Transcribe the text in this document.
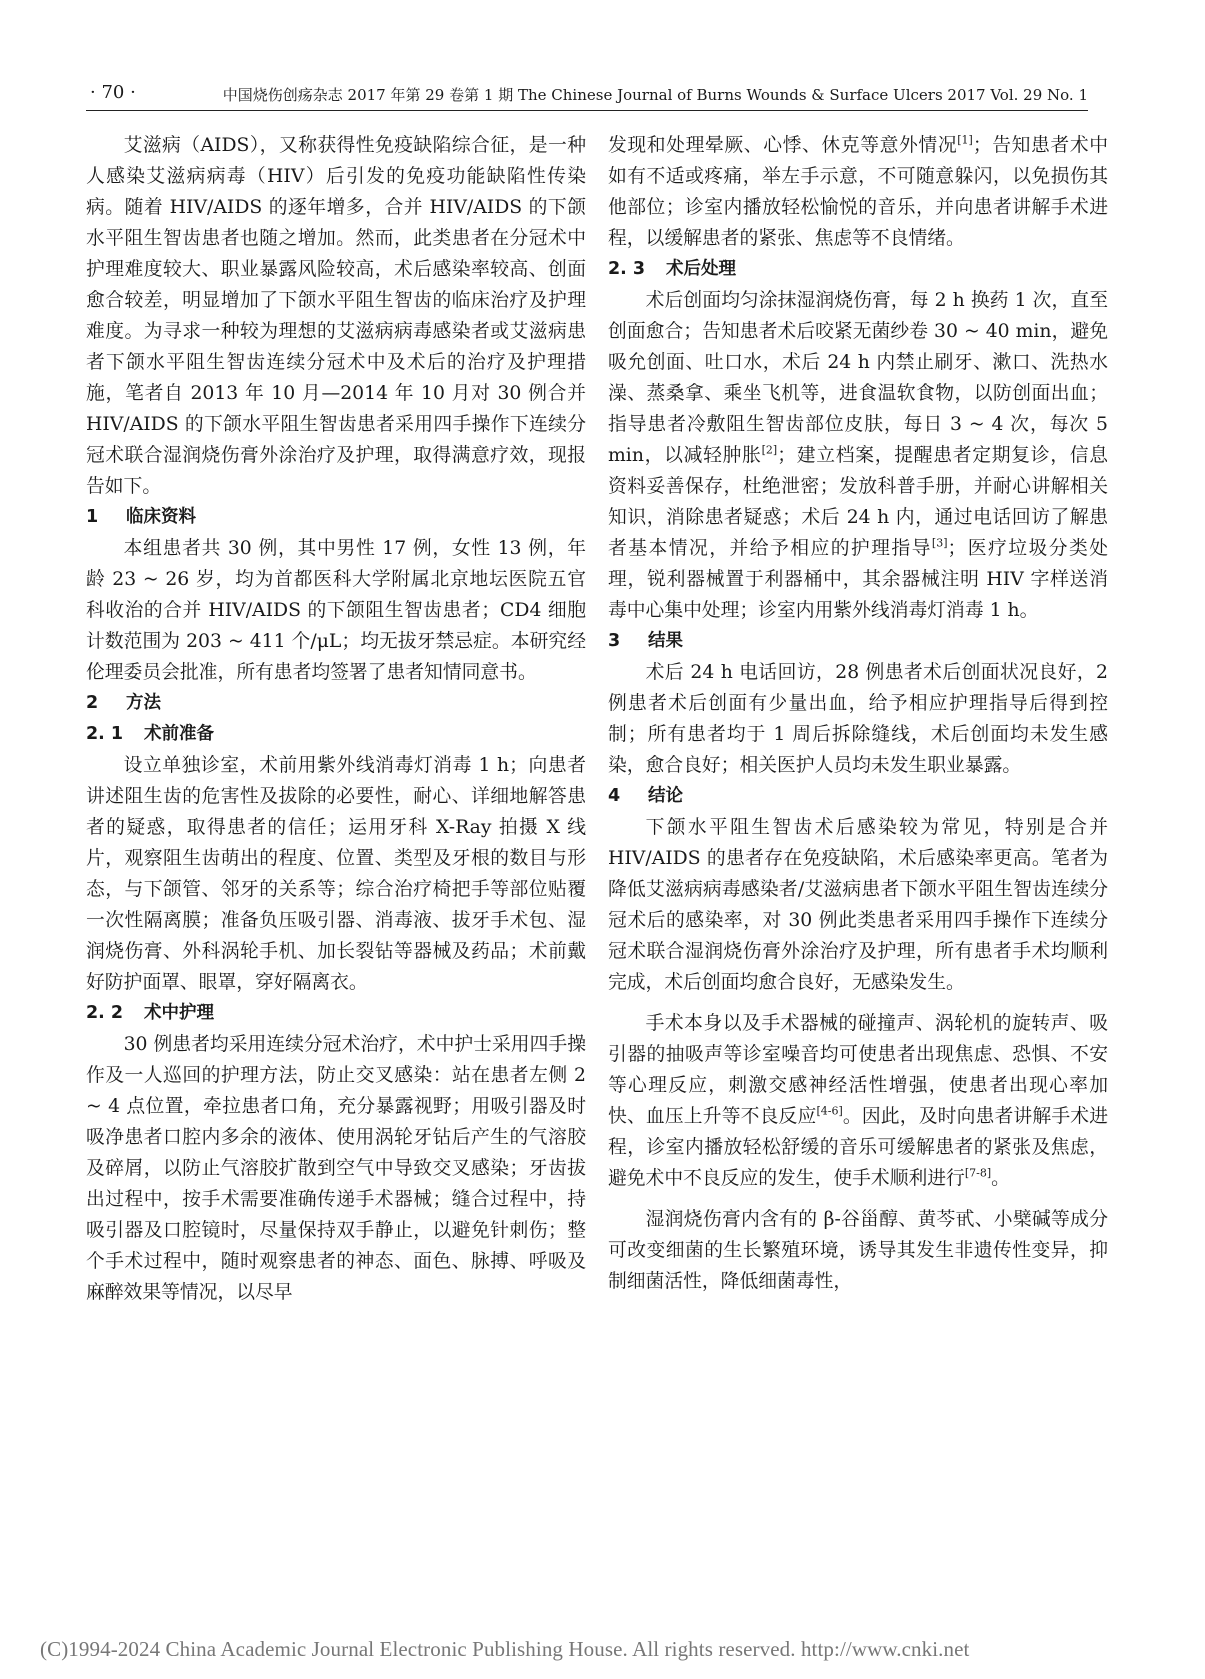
· 70 ·	中国烧伤创疡杂志 2017 年第 29 卷第 1 期 The Chinese Journal of Burns Wounds & Surface Ulcers 2017 Vol. 29 No. 1

艾滋病（AIDS），又称获得性免疫缺陷综合征，是一种人感染艾滋病病毒（HIV）后引发的免疫功能缺陷性传染病。随着 HIV/AIDS 的逐年增多，合并 HIV/AIDS 的下颌水平阻生智齿患者也随之增加。然而，此类患者在分冠术中护理难度较大、职业暴露风险较高，术后感染率较高、创面愈合较差，明显增加了下颌水平阻生智齿的临床治疗及护理难度。为寻求一种较为理想的艾滋病病毒感染者或艾滋病患者下颌水平阻生智齿连续分冠术中及术后的治疗及护理措施，笔者自 2013 年 10 月—2014 年 10 月对 30 例合并 HIV/AIDS 的下颌水平阻生智齿患者采用四手操作下连续分冠术联合湿润烧伤膏外涂治疗及护理，取得满意疗效，现报告如下。

1 临床资料

本组患者共 30 例，其中男性 17 例，女性 13 例，年龄 23 ~ 26 岁，均为首都医科大学附属北京地坛医院五官科收治的合并 HIV/AIDS 的下颌阻生智齿患者；CD4 细胞计数范围为 203 ~ 411 个/μL；均无拔牙禁忌症。本研究经伦理委员会批准，所有患者均签署了患者知情同意书。

2 方法
2. 1 术前准备

设立单独诊室，术前用紫外线消毒灯消毒 1 h；向患者讲述阻生齿的危害性及拔除的必要性，耐心、详细地解答患者的疑惑，取得患者的信任；运用牙科 X-Ray 拍摄 X 线片，观察阻生齿萌出的程度、位置、类型及牙根的数目与形态，与下颌管、邻牙的关系等；综合治疗椅把手等部位贴覆一次性隔离膜；准备负压吸引器、消毒液、拔牙手术包、湿润烧伤膏、外科涡轮手机、加长裂钻等器械及药品；术前戴好防护面罩、眼罩，穿好隔离衣。

2. 2 术中护理

30 例患者均采用连续分冠术治疗，术中护士采用四手操作及一人巡回的护理方法，防止交叉感染：站在患者左侧 2 ~ 4 点位置，牵拉患者口角，充分暴露视野；用吸引器及时吸净患者口腔内多余的液体、使用涡轮牙钻后产生的气溶胶及碎屑，以防止气溶胶扩散到空气中导致交叉感染；牙齿拔出过程中，按手术需要准确传递手术器械；缝合过程中，持吸引器及口腔镜时，尽量保持双手静止，以避免针刺伤；整个手术过程中，随时观察患者的神态、面色、脉搏、呼吸及麻醉效果等情况，以尽早

发现和处理晕厥、心悸、休克等意外情况[1]；告知患者术中如有不适或疼痛，举左手示意，不可随意躲闪，以免损伤其他部位；诊室内播放轻松愉悦的音乐，并向患者讲解手术进程，以缓解患者的紧张、焦虑等不良情绪。

2. 3 术后处理

术后创面均匀涂抹湿润烧伤膏，每 2 h 换药 1 次，直至创面愈合；告知患者术后咬紧无菌纱卷 30 ~ 40 min，避免吸允创面、吐口水，术后 24 h 内禁止刷牙、漱口、洗热水澡、蒸桑拿、乘坐飞机等，进食温软食物，以防创面出血；指导患者冷敷阻生智齿部位皮肤，每日 3 ~ 4 次，每次 5 min，以减轻肿胀[2]；建立档案，提醒患者定期复诊，信息资料妥善保存，杜绝泄密；发放科普手册，并耐心讲解相关知识，消除患者疑惑；术后 24 h 内，通过电话回访了解患者基本情况，并给予相应的护理指导[3]；医疗垃圾分类处理，锐利器械置于利器桶中，其余器械注明 HIV 字样送消毒中心集中处理；诊室内用紫外线消毒灯消毒 1 h。

3 结果

术后 24 h 电话回访，28 例患者术后创面状况良好，2 例患者术后创面有少量出血，给予相应护理指导后得到控制；所有患者均于 1 周后拆除缝线，术后创面均未发生感染，愈合良好；相关医护人员均未发生职业暴露。

4 结论

下颌水平阻生智齿术后感染较为常见，特别是合并 HIV/AIDS 的患者存在免疫缺陷，术后感染率更高。笔者为降低艾滋病病毒感染者/艾滋病患者下颌水平阻生智齿连续分冠术后的感染率，对 30 例此类患者采用四手操作下连续分冠术联合湿润烧伤膏外涂治疗及护理，所有患者手术均顺利完成，术后创面均愈合良好，无感染发生。

手术本身以及手术器械的碰撞声、涡轮机的旋转声、吸引器的抽吸声等诊室噪音均可使患者出现焦虑、恐惧、不安等心理反应，刺激交感神经活性增强，使患者出现心率加快、血压上升等不良反应[4-6]。因此，及时向患者讲解手术进程，诊室内播放轻松舒缓的音乐可缓解患者的紧张及焦虑，避免术中不良反应的发生，使手术顺利进行[7-8]。

湿润烧伤膏内含有的 β-谷甾醇、黄芩甙、小檗碱等成分可改变细菌的生长繁殖环境，诱导其发生非遗传性变异，抑制细菌活性，降低细菌毒性，

(C)1994-2024 China Academic Journal Electronic Publishing House. All rights reserved. http://www.cnki.net
